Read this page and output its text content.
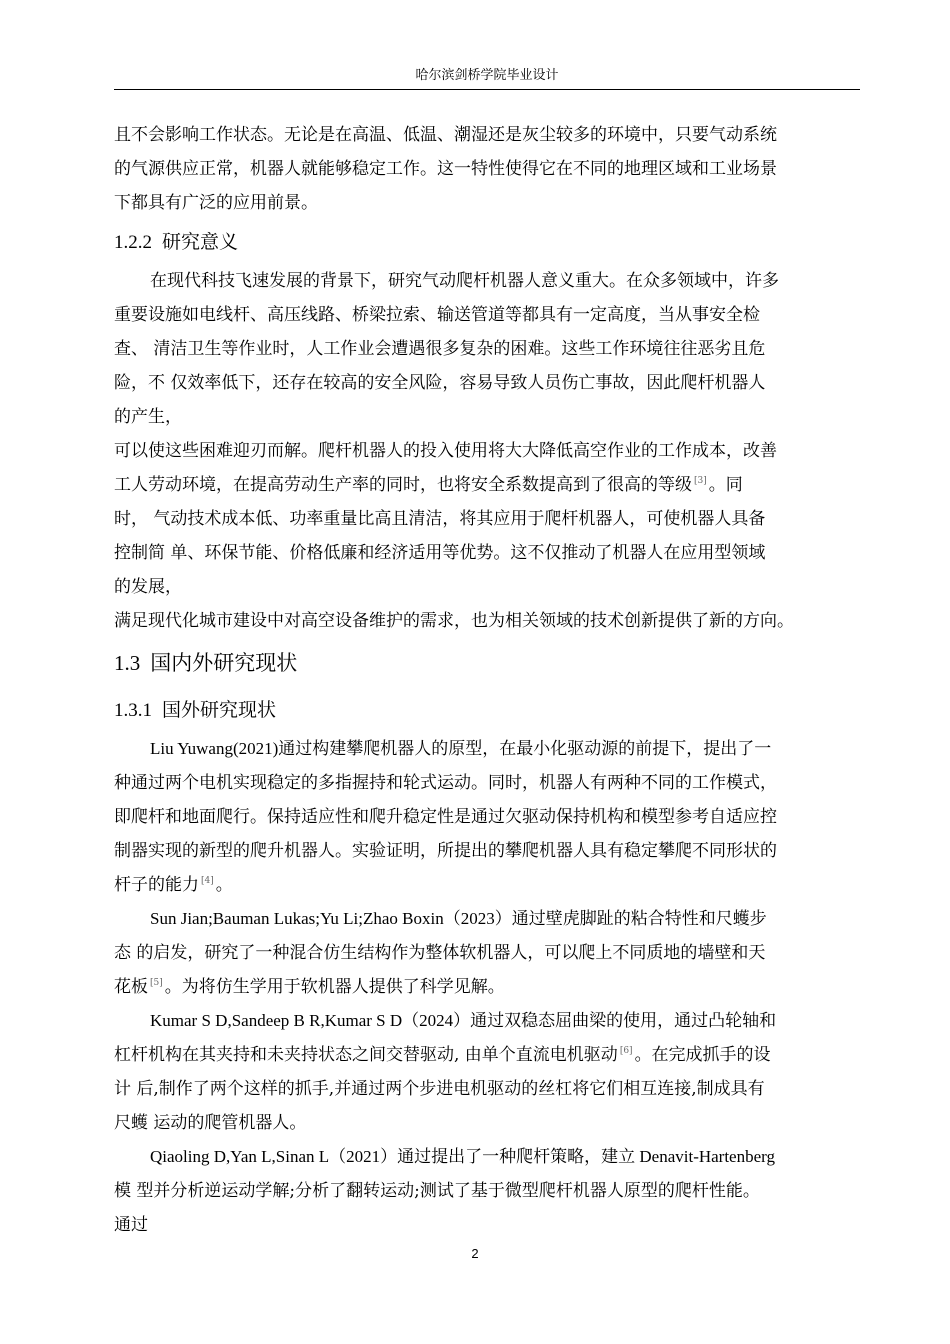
哈尔滨剑桥学院毕业设计
且不会影响工作状态。无论是在高温、低温、潮湿还是灰尘较多的环境中，只要气动系统
的气源供应正常，机器人就能够稳定工作。这一特性使得它在不同的地理区域和工业场景
下都具有广泛的应用前景。
1.2.2 研究意义
在现代科技飞速发展的背景下，研究气动爬杆机器人意义重大。在众多领域中，许多
重要设施如电线杆、高压线路、桥梁拉索、输送管道等都具有一定高度，当从事安全检
查、 清洁卫生等作业时，人工作业会遭遇很多复杂的困难。这些工作环境往往恶劣且危
险，不 仅效率低下，还存在较高的安全风险，容易导致人员伤亡事故，因此爬杆机器人
的产生，
可以使这些困难迎刃而解。爬杆机器人的投入使用将大大降低高空作业的工作成本，改善
工人劳动环境，在提高劳动生产率的同时，也将安全系数提高到了很高的等级 [3] 。同
时， 气动技术成本低、功率重量比高且清洁，将其应用于爬杆机器人，可使机器人具备
控制简 单、环保节能、价格低廉和经济适用等优势。这不仅推动了机器人在应用型领域
的发展，
满足现代化城市建设中对高空设备维护的需求，也为相关领域的技术创新提供了新的方向。
1.3 国内外研究现状
1.3.1 国外研究现状
Liu Yuwang(2021)通过构建攀爬机器人的原型，在最小化驱动源的前提下，提出了一
种通过两个电机实现稳定的多指握持和轮式运动。同时，机器人有两种不同的工作模式，
即爬杆和地面爬行。保持适应性和爬升稳定性是通过欠驱动保持机构和模型参考自适应控
制器实现的新型的爬升机器人。实验证明，所提出的攀爬机器人具有稳定攀爬不同形状的
杆子的能力 [4] 。
Sun Jian;Bauman Lukas;Yu Li;Zhao Boxin（2023）通过壁虎脚趾的粘合特性和尺蠖步
态 的启发，研究了一种混合仿生结构作为整体软机器人，可以爬上不同质地的墙壁和天
花板 [5] 。为将仿生学用于软机器人提供了科学见解。
Kumar S D,Sandeep B R,Kumar S D（2024）通过双稳态屈曲梁的使用，通过凸轮轴和
杠杆机构在其夹持和未夹持状态之间交替驱动, 由单个直流电机驱动 [6] 。在完成抓手的设
计 后,制作了两个这样的抓手,并通过两个步进电机驱动的丝杠将它们相互连接,制成具有
尺蠖 运动的爬管机器人。
Qiaoling D,Yan L,Sinan L（2021）通过提出了一种爬杆策略，建立 Denavit-Hartenberg
模 型并分析逆运动学解;分析了翻转运动;测试了基于微型爬杆机器人原型的爬杆性能。
通过
2
